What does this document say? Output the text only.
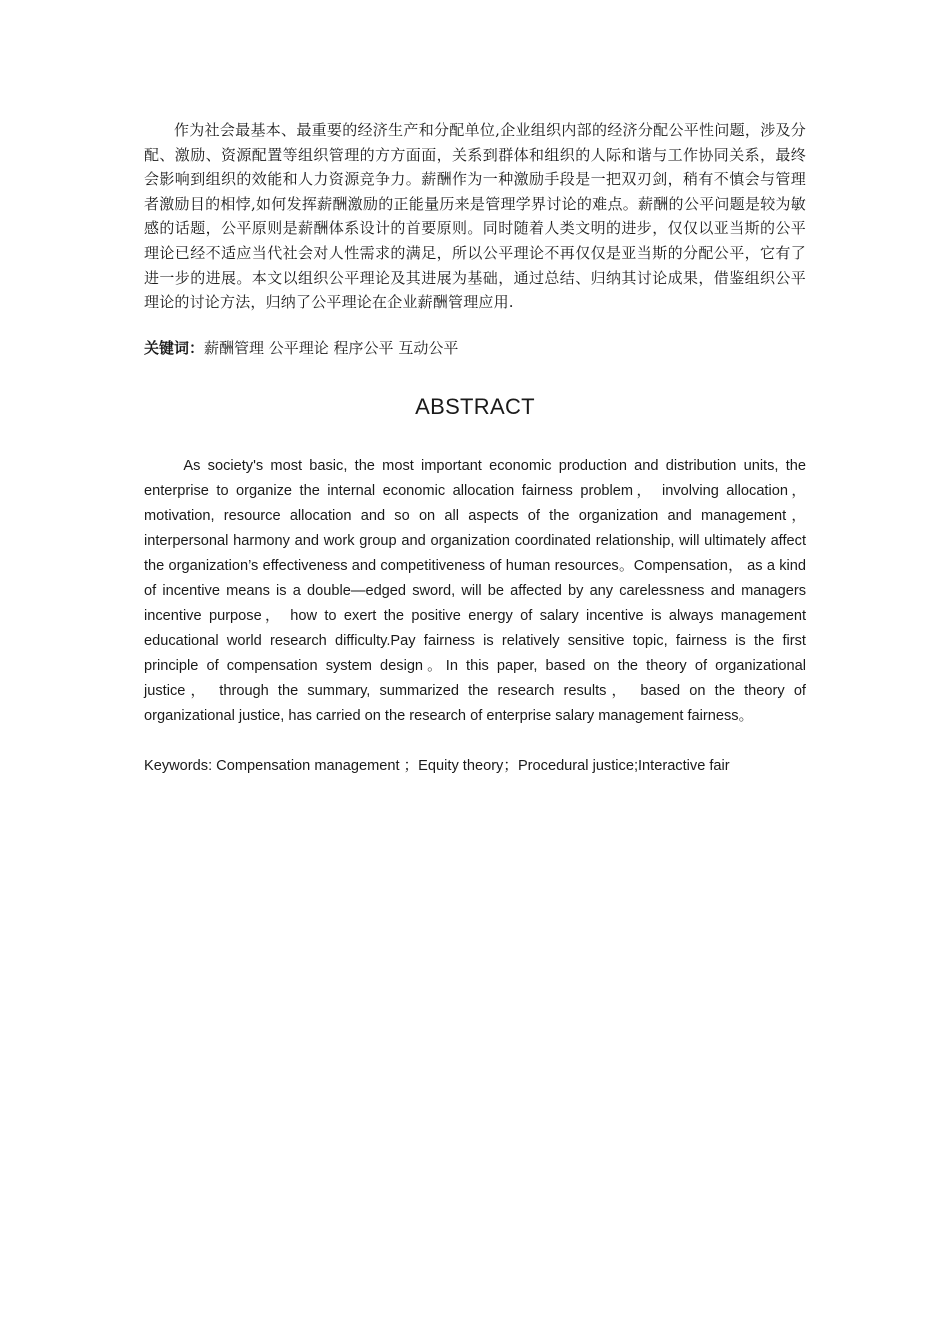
作为社会最基本、最重要的经济生产和分配单位,企业组织内部的经济分配公平性问题，涉及分配、激励、资源配置等组织管理的方方面面，关系到群体和组织的人际和谐与工作协同关系，最终会影响到组织的效能和人力资源竞争力。薪酬作为一种激励手段是一把双刃剑，稍有不慎会与管理者激励目的相悖,如何发挥薪酬激励的正能量历来是管理学界讨论的难点。薪酬的公平问题是较为敏感的话题，公平原则是薪酬体系设计的首要原则。同时随着人类文明的进步，仅仅以亚当斯的公平理论已经不适应当代社会对人性需求的满足，所以公平理论不再仅仅是亚当斯的分配公平，它有了进一步的进展。本文以组织公平理论及其进展为基础，通过总结、归纳其讨论成果，借鉴组织公平理论的讨论方法，归纳了公平理论在企业薪酬管理应用.

关键词：薪酬管理 公平理论 程序公平 互动公平

ABSTRACT

As society's most basic, the most important economic production and distribution units, the enterprise to organize the internal economic allocation fairness problem， involving allocation，motivation, resource allocation and so on all aspects of the organization and management，interpersonal harmony and work group and organization coordinated relationship, will ultimately affect the organization’s effectiveness and competitiveness of human resources。Compensation， as a kind of incentive means is a double—edged sword, will be affected by any carelessness and managers incentive purpose， how to exert the positive energy of salary incentive is always management educational world research difficulty.Pay fairness is relatively sensitive topic, fairness is the first principle of compensation system design。In this paper, based on the theory of organizational justice， through the summary, summarized the research results， based on the theory of organizational justice, has carried on the research of enterprise salary management fairness。

Keywords: Compensation management ；Equity theory；Procedural justice;Interactive fair
